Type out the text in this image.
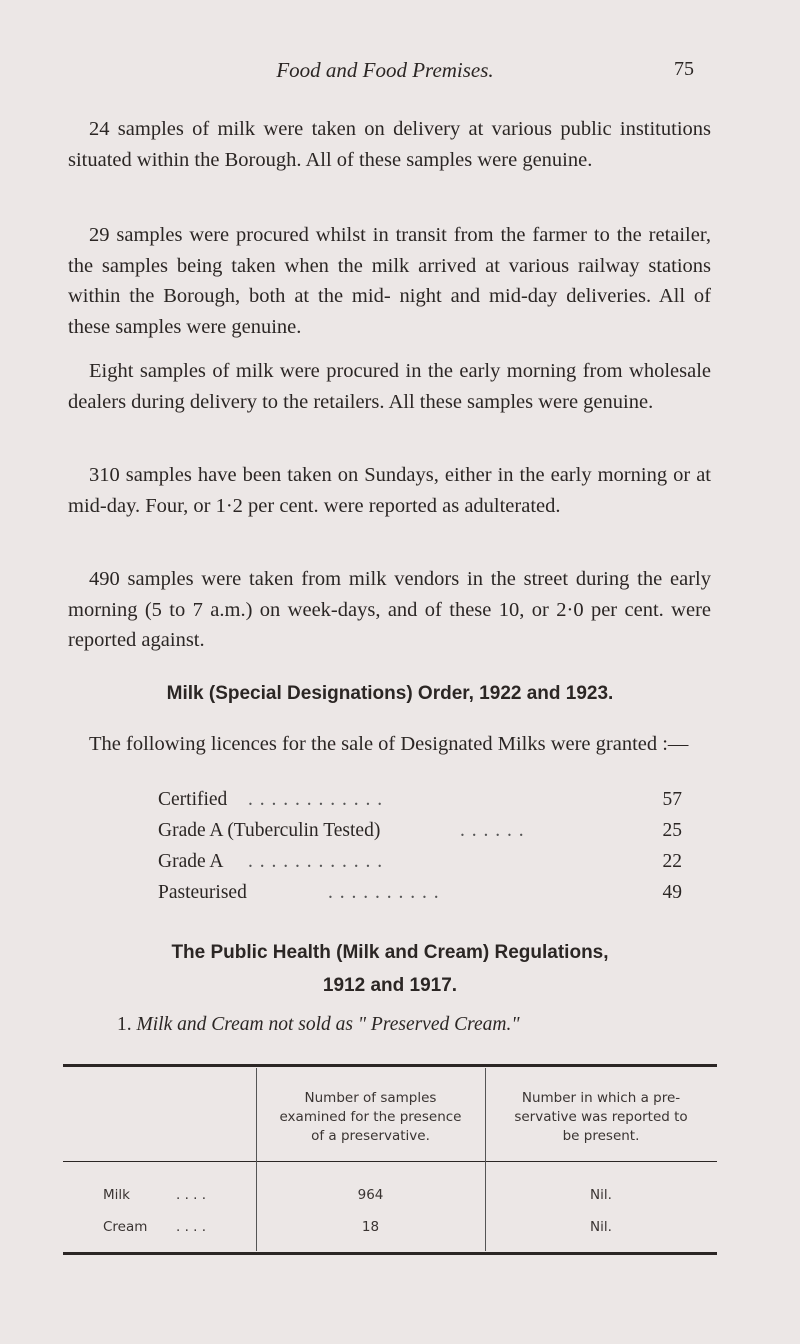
Food and Food Premises.	75

24 samples of milk were taken on delivery at various public institutions situated within the Borough. All of these samples were genuine.

29 samples were procured whilst in transit from the farmer to the retailer, the samples being taken when the milk arrived at various railway stations within the Borough, both at the mid- night and mid-day deliveries. All of these samples were genuine.

Eight samples of milk were procured in the early morning from wholesale dealers during delivery to the retailers. All these samples were genuine.

310 samples have been taken on Sundays, either in the early morning or at mid-day. Four, or 1·2 per cent. were reported as adulterated.

490 samples were taken from milk vendors in the street during the early morning (5 to 7 a.m.) on week-days, and of these 10, or 2·0 per cent. were reported against.

Milk (Special Designations) Order, 1922 and 1923.

The following licences for the sale of Designated Milks were granted :—

Certified . . . . . . . . . . . .	57
Grade A (Tuberculin Tested)	. . . . . .	25
Grade A . . . . . . . . . . . .	22
Pasteurised	. . . . . . . . . .	49
The Public Health (Milk and Cream) Regulations,
1912 and 1917.
1. Milk and Cream not sold as " Preserved Cream."
Number of samples
examined for the presence
of a preservative.
Number in which a pre-
servative was reported to
be present.
Milk	. . . .	964	Nil.
Cream . . . .	18	Nil.
